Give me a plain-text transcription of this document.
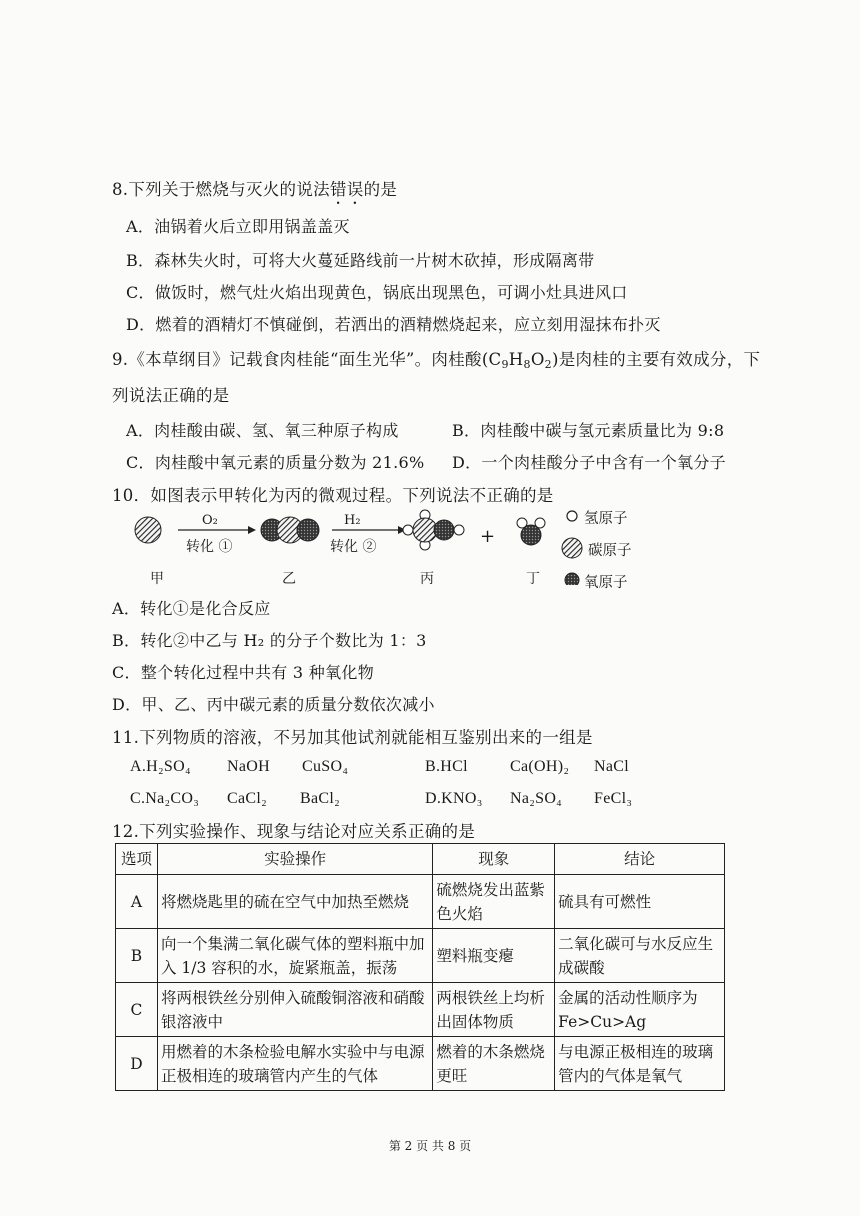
8.下列关于燃烧与灭火的说法错误的是
A．油锅着火后立即用锅盖盖灭
B．森林失火时，可将大火蔓延路线前一片树木砍掉，形成隔离带
C．做饭时，燃气灶火焰出现黄色，锅底出现黑色，可调小灶具进风口
D．燃着的酒精灯不慎碰倒，若洒出的酒精燃烧起来，应立刻用湿抹布扑灭
9.《本草纲目》记载食肉桂能“面生光华”。肉桂酸$(C_9H_8O_2)$是肉桂的主要有效成分，下
列说法正确的是
A．肉桂酸由碳、氢、氧三种原子构成	B．肉桂酸中碳与氢元素质量比为 9:8
C．肉桂酸中氧元素的质量分数为 21.6% D．一个肉桂酸分子中含有一个氧分子
10．如图表示甲转化为丙的微观过程。下列说法不正确的是
O₂
转化 ①
H₂
转化 ②	+
甲	乙	丙	丁
氢原子
碳原子
氧原子
A．转化①是化合反应
B．转化②中乙与 H₂ 的分子个数比为 1：3
C．整个转化过程中共有 3 种氧化物
D．甲、乙、丙中碳元素的质量分数依次减小
11.下列物质的溶液，不另加其他试剂就能相互鉴别出来的一组是
A.H₂SO₄ NaOH CuSO₄	B.HCl	Ca(OH)₂ NaCl
C.Na₂CO₃ CaCl₂ BaCl₂	D.KNO₃ Na₂SO₄ FeCl₃
12.下列实验操作、现象与结论对应关系正确的是
选项	实验操作	现象	结论
A	将燃烧匙里的硫在空气中加热至燃烧	硫燃烧发出蓝紫色火焰	硫具有可燃性
B	向一个集满二氧化碳气体的塑料瓶中加入 1/3 容积的水，旋紧瓶盖，振荡	塑料瓶变瘪	二氧化碳可与水反应生成碳酸
C	将两根铁丝分别伸入硫酸铜溶液和硝酸银溶液中	两根铁丝上均析出固体物质	金属的活动性顺序为Fe>Cu>Ag
D	用燃着的木条检验电解水实验中与电源正极相连的玻璃管内产生的气体	燃着的木条燃烧更旺	与电源正极相连的玻璃管内的气体是氧气
第 2 页 共 8 页
